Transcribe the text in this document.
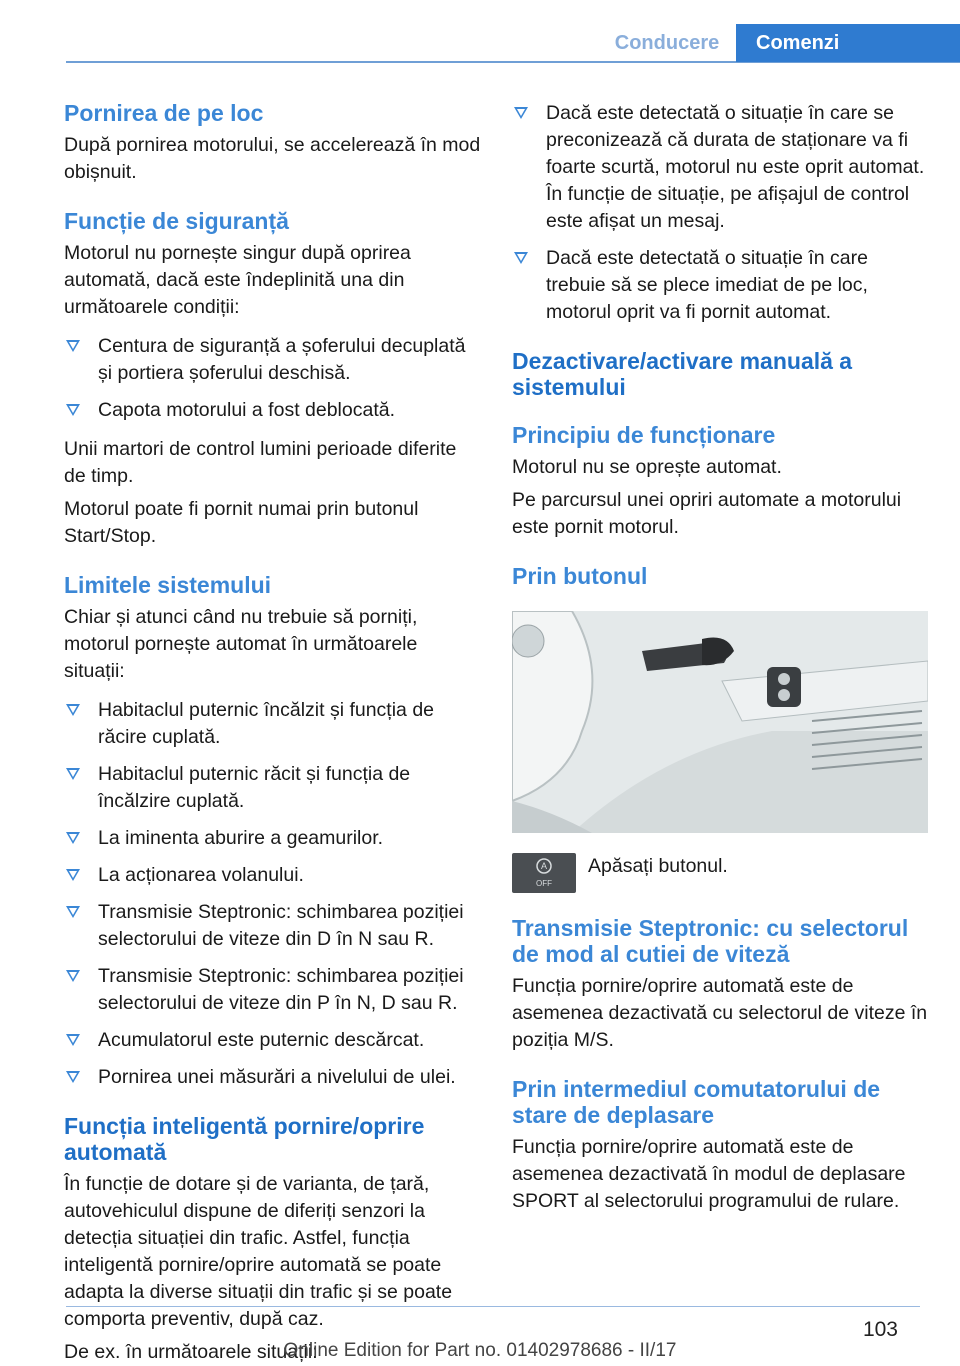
Conducere	Comenzi
Pornirea de pe loc

După pornirea motorului, se accelerează în mod obișnuit.

Funcție de siguranță

Motorul nu pornește singur după oprirea automată, dacă este îndeplinită una din următoarele condiții:

Centura de siguranță a șoferului decuplată și portiera șoferului deschisă.
Capota motorului a fost deblocată.

Unii martori de control lumini perioade diferite de timp.

Motorul poate fi pornit numai prin butonul Start/Stop.

Limitele sistemului

Chiar și atunci când nu trebuie să porniți, motorul pornește automat în următoarele situații:

Habitaclul puternic încălzit și funcția de răcire cuplată.
Habitaclul puternic răcit și funcția de încălzire cuplată.
La iminenta aburire a geamurilor.
La acționarea volanului.
Transmisie Steptronic: schimbarea poziției selectorului de viteze din D în N sau R.
Transmisie Steptronic: schimbarea poziției selectorului de viteze din P în N, D sau R.
Acumulatorul este puternic descărcat.
Pornirea unei măsurări a nivelului de ulei.
Funcția inteligentă pornire/oprire automată

În funcție de dotare și de varianta, de țară, autovehiculul dispune de diferiți senzori la detecția situației din trafic. Astfel, funcția inteligentă pornire/oprire automată se poate adapta la diverse situații din trafic și se poate comporta preventiv, după caz.

De ex. în următoarele situații:

Dacă este detectată o situație în care se preconizează că durata de staționare va fi foarte scurtă, motorul nu este oprit automat. În funcție de situație, pe afișajul de control este afișat un mesaj.
Dacă este detectată o situație în care trebuie să se plece imediat de pe loc, motorul oprit va fi pornit automat.
Dezactivare/activare manuală a sistemului
Principiu de funcționare

Motorul nu se oprește automat.

Pe parcursul unei opriri automate a motorului este pornit motorul.

Prin butonul
A
OFF

Apăsați butonul.

Transmisie Steptronic: cu selectorul de mod al cutiei de viteză

Funcția pornire/oprire automată este de asemenea dezactivată cu selectorul de viteze în poziția M/S.

Prin intermediul comutatorului de stare de deplasare

Funcția pornire/oprire automată este de asemenea dezactivată în modul de deplasare SPORT al selectorului programului de rulare.

103
Online Edition for Part no. 01402978686 - II/17
